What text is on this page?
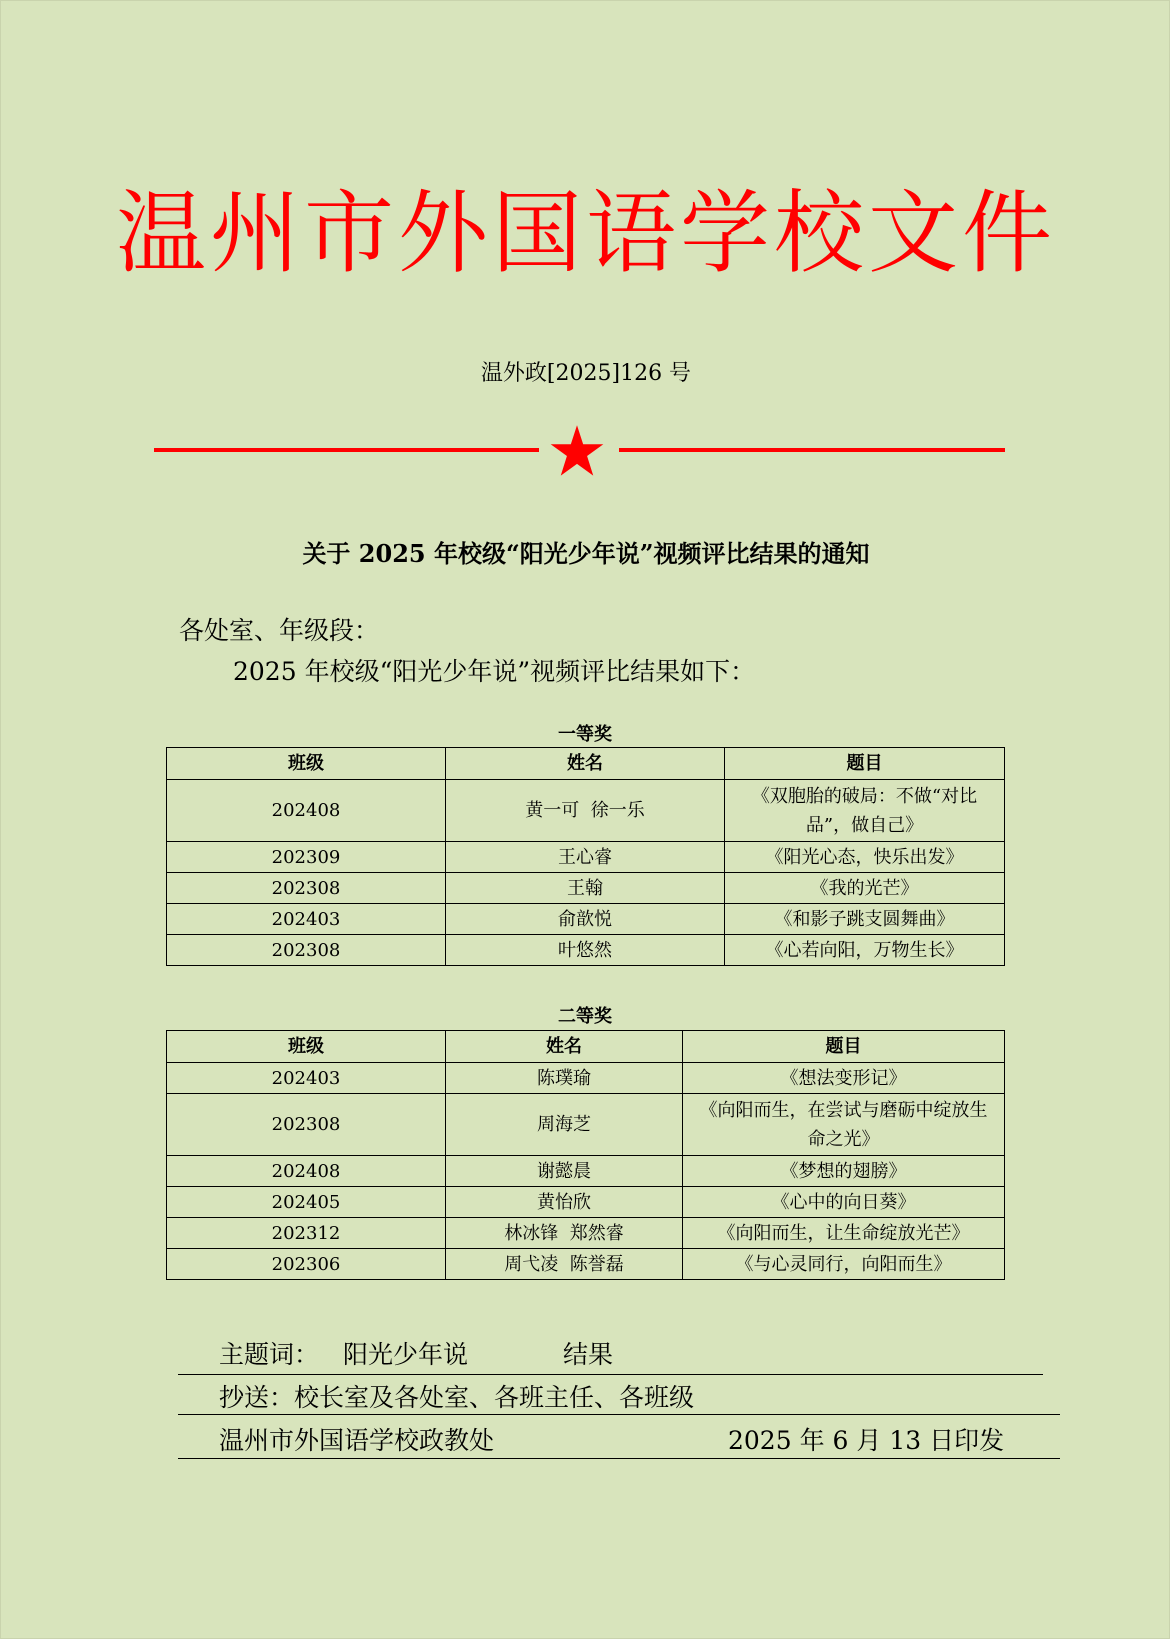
温州市外国语学校文件
温外政[2025]126 号
关于 2025 年校级“阳光少年说”视频评比结果的通知
各处室、年级段：
2025 年校级“阳光少年说”视频评比结果如下：
一等奖
班级	姓名	题目
202408	黄一可  徐一乐	《双胞胎的破局：不做“对比品”，做自己》
202309	王心睿	《阳光心态，快乐出发》
202308	王翰	《我的光芒》
202403	俞歆悦	《和影子跳支圆舞曲》
202308	叶悠然	《心若向阳，万物生长》
二等奖
班级	姓名	题目
202403	陈璞瑜	《想法变形记》
202308	周海芝	《向阳而生，在尝试与磨砺中绽放生命之光》
202408	谢懿晨	《梦想的翅膀》
202405	黄怡欣	《心中的向日葵》
202312	林冰锋  郑然睿	《向阳而生，让生命绽放光芒》
202306	周弋凌  陈誉磊	《与心灵同行，向阳而生》
主题词： 阳光少年说	结果
抄送：校长室及各处室、各班主任、各班级
温州市外国语学校政教处	2025 年 6 月 13 日印发
